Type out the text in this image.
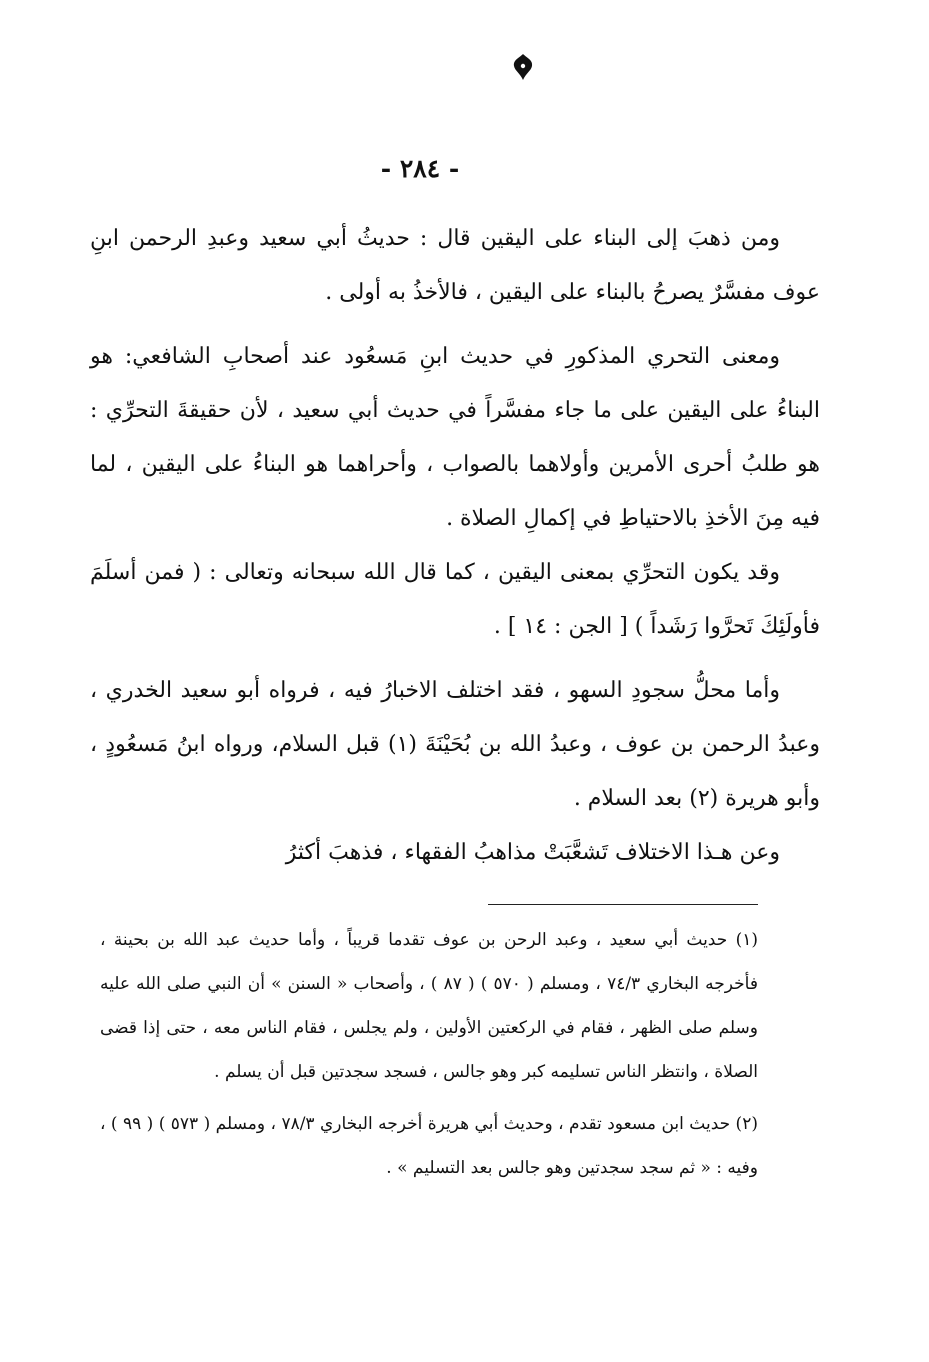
- ٢٨٤ -

ومن ذهبَ إلى البناء على اليقين قال : حديثُ أبي سعيد وعبدِ الرحمن ابنِ عوف مفسَّرٌ يصرحُ بالبناء على اليقين ، فالأخذُ به أولى .

ومعنى التحري المذكورِ في حديث ابنِ مَسعُود عند أصحابِ الشافعي: هو البناءُ على اليقين على ما جاء مفسَّراً في حديث أبي سعيد ، لأن حقيقةَ التحرِّي : هو طلبُ أحرى الأمرين وأولاهما بالصواب ، وأحراهما هو البناءُ على اليقين ، لما فيه مِنَ الأخذِ بالاحتياطِ في إكمالِ الصلاة .

وقد يكون التحرِّي بمعنى اليقين ، كما قال الله سبحانه وتعالى : ( فمن أسلَمَ فأولَئِكَ تَحرَّوا رَشَداً ) [ الجن : ١٤ ] .

وأما محلُّ سجودِ السهو ، فقد اختلف الاخبارُ فيه ، فرواه أبو سعيد الخدري ، وعبدُ الرحمن بن عوف ، وعبدُ الله بن بُحَيْنَةَ (١) قبل السلام، ورواه ابنُ مَسعُودٍ ، وأبو هريرة (٢) بعد السلام .

وعن هـذا الاختلاف تَشعَّبَتْ مذاهبُ الفقهاء ، فذهبَ أكثرُ

(١) حديث أبي سعيد ، وعبد الرحن بن عوف تقدما قريباً ، وأما حديث عبد الله بن بحينة ، فأخرجه البخاري ٧٤/٣ ، ومسلم ( ٥٧٠ ) ( ٨٧ ) ، وأصحاب « السنن » أن النبي صلى الله عليه وسلم صلى الظهر ، فقام في الركعتين الأولين ، ولم يجلس ، فقام الناس معه ، حتى إذا قضى الصلاة ، وانتظر الناس تسليمه كبر وهو جالس ، فسجد سجدتين قبل أن يسلم .

(٢) حديث ابن مسعود تقدم ، وحديث أبي هريرة أخرجه البخاري ٧٨/٣ ، ومسلم ( ٥٧٣ ) ( ٩٩ ) ، وفيه : « ثم سجد سجدتين وهو جالس بعد التسليم » .
